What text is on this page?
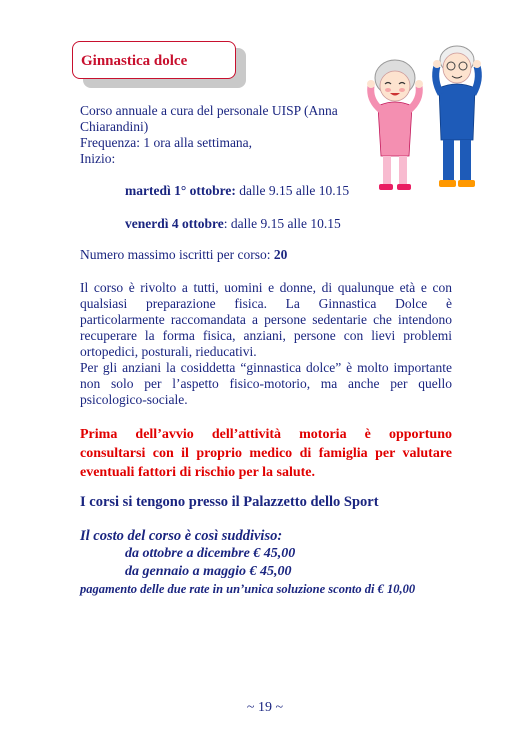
Ginnastica dolce
Corso annuale a cura del personale UISP (Anna
Chiarandini)
Frequenza: 1 ora alla settimana,
Inizio:
martedì 1° ottobre: dalle 9.15 alle 10.15
venerdì 4 ottobre: dalle 9.15 alle 10.15
Numero massimo iscritti per corso: 20
Il corso è rivolto a tutti, uomini e donne, di qualunque età e con
qualsiasi preparazione fisica. La Ginnastica Dolce è
particolarmente raccomandata a persone sedentarie che intendono
recuperare la forma fisica, anziani, persone con lievi problemi
ortopedici, posturali, rieducativi.
Per gli anziani la cosiddetta “ginnastica dolce” è molto importante
non solo per l’aspetto fisico-motorio, ma anche per quello
psicologico-sociale.
Prima dell’avvio dell’attività motoria è opportuno
consultarsi con il proprio medico di famiglia per valutare
eventuali fattori di rischio per la salute.
I corsi si tengono presso il Palazzetto dello Sport
Il costo del corso è così suddiviso:
da ottobre a dicembre € 45,00
da gennaio a maggio € 45,00
pagamento delle due rate in un’unica soluzione sconto di € 10,00
~ 19 ~
